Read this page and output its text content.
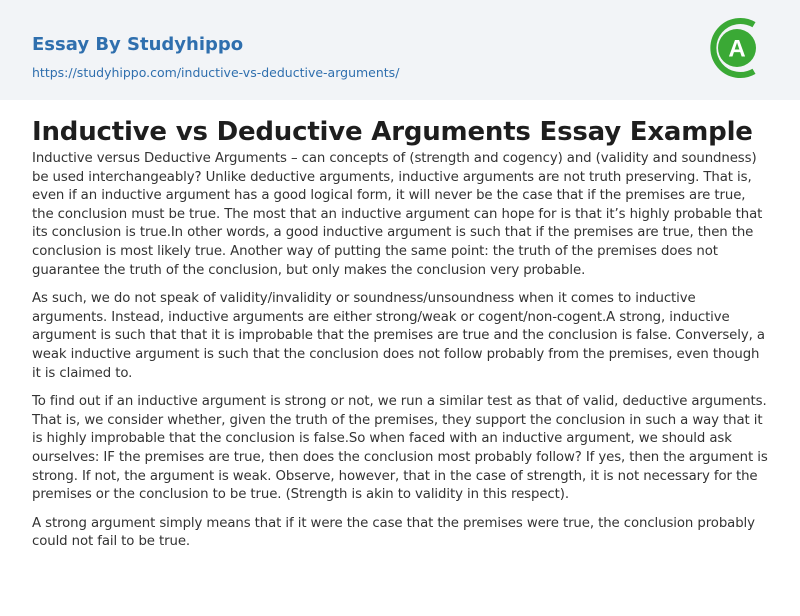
Essay By Studyhippo
https://studyhippo.com/inductive-vs-deductive-arguments/
A
Inductive vs Deductive Arguments Essay Example

Inductive versus Deductive Arguments – can concepts of (strength and cogency) and (validity and soundness) be used interchangeably? Unlike deductive arguments, inductive arguments are not truth preserving. That is, even if an inductive argument has a good logical form, it will never be the case that if the premises are true, the conclusion must be true. The most that an inductive argument can hope for is that it’s highly probable that its conclusion is true.In other words, a good inductive argument is such that if the premises are true, then the conclusion is most likely true. Another way of putting the same point: the truth of the premises does not guarantee the truth of the conclusion, but only makes the conclusion very probable.

As such, we do not speak of validity/invalidity or soundness/unsoundness when it comes to inductive arguments. Instead, inductive arguments are either strong/weak or cogent/non-cogent.A strong, inductive argument is such that that it is improbable that the premises are true and the conclusion is false. Conversely, a weak inductive argument is such that the conclusion does not follow probably from the premises, even though it is claimed to.

To find out if an inductive argument is strong or not, we run a similar test as that of valid, deductive arguments. That is, we consider whether, given the truth of the premises, they support the conclusion in such a way that it is highly improbable that the conclusion is false.So when faced with an inductive argument, we should ask ourselves: IF the premises are true, then does the conclusion most probably follow? If yes, then the argument is strong. If not, the argument is weak. Observe, however, that in the case of strength, it is not necessary for the premises or the conclusion to be true. (Strength is akin to validity in this respect).

A strong argument simply means that if it were the case that the premises were true, the conclusion probably could not fail to be true.
